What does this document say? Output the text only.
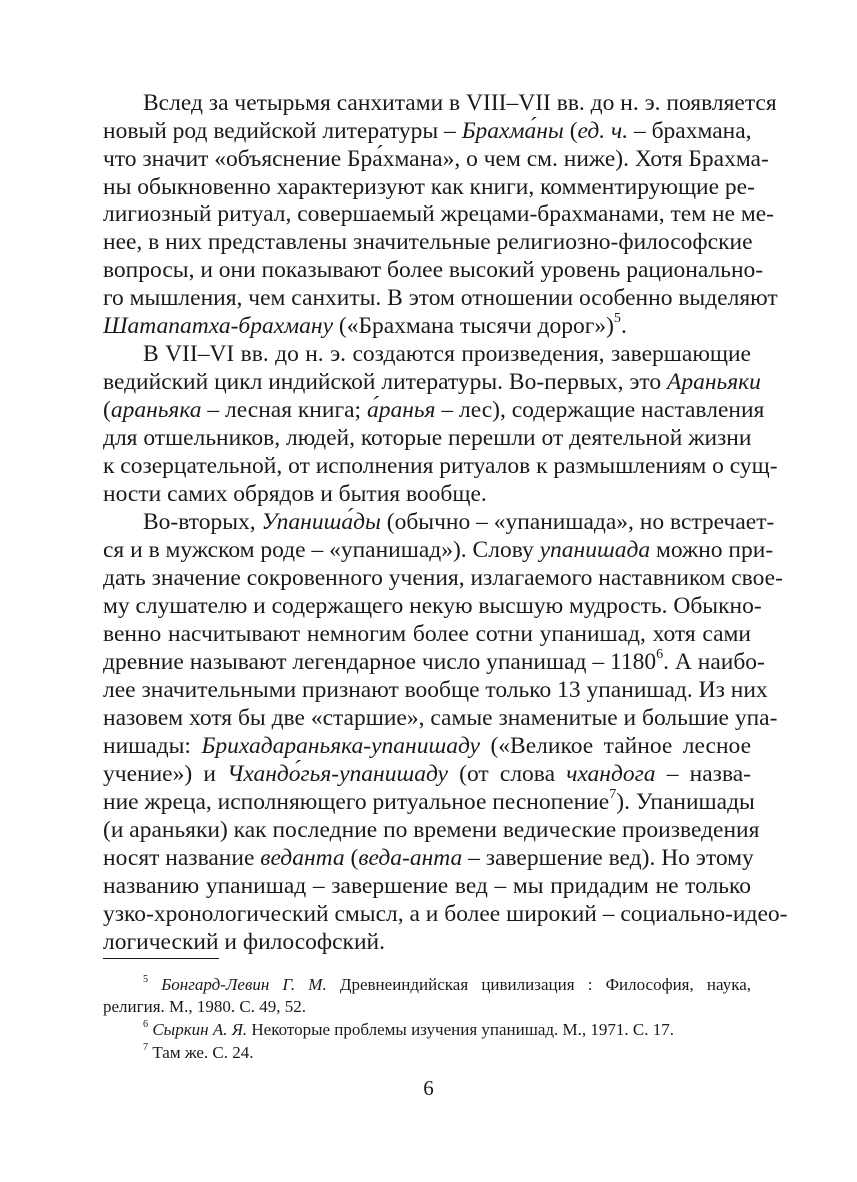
Вслед за четырьмя санхитами в VIII–VII вв. до н. э. появляется
новый род ведийской литературы – Брахма́ны (ед. ч. – брахмана,
что значит «объяснение Бра́хмана», о чем см. ниже). Хотя Брахма-
ны обыкновенно характеризуют как книги, комментирующие ре-
лигиозный ритуал, совершаемый жрецами-брахманами, тем не ме-
нее, в них представлены значительные религиозно-философские
вопросы, и они показывают более высокий уровень рационально-
го мышления, чем санхиты. В этом отношении особенно выделяют
Шатапатха-брахману («Брахмана тысячи дорог»)$^5$.
В VII–VI вв. до н. э. создаются произведения, завершающие
ведийский цикл индийской литературы. Во-первых, это Араньяки
(араньяка – лесная книга; а́ранья – лес), содержащие наставления
для отшельников, людей, которые перешли от деятельной жизни
к созерцательной, от исполнения ритуалов к размышлениям о сущ-
ности самих обрядов и бытия вообще.
Во-вторых, Упаниша́ды (обычно – «упанишада», но встречает-
ся и в мужском роде – «упанишад»). Слову упанишада можно при-
дать значение сокровенного учения, излагаемого наставником свое-
му слушателю и содержащего некую высшую мудрость. Обыкно-
венно насчитывают немногим более сотни упанишад, хотя сами
древние называют легендарное число упанишад – 1180$^6$. А наибо-
лее значительными признают вообще только 13 упанишад. Из них
назовем хотя бы две «старшие», самые знаменитые и большие упа-
нишады: Брихадараньяка-упанишаду («Великое тайное лесное
учение») и Чхандо́гья-упанишаду (от слова чхандога – назва-
ние жреца, исполняющего ритуальное песнопение$^7$). Упанишады
(и араньяки) как последние по времени ведические произведения
носят название веданта (веда-анта – завершение вед). Но этому
названию упанишад – завершение вед – мы придадим не только
узко-хронологический смысл, а и более широкий – социально-идео-
логический и философский.
$^5$ Бонгард-Левин Г. М. Древнеиндийская цивилизация : Философия, наука,
религия. М., 1980. С. 49, 52.
$^6$ Сыркин А. Я. Некоторые проблемы изучения упанишад. М., 1971. С. 17.
$^7$ Там же. С. 24.
6
